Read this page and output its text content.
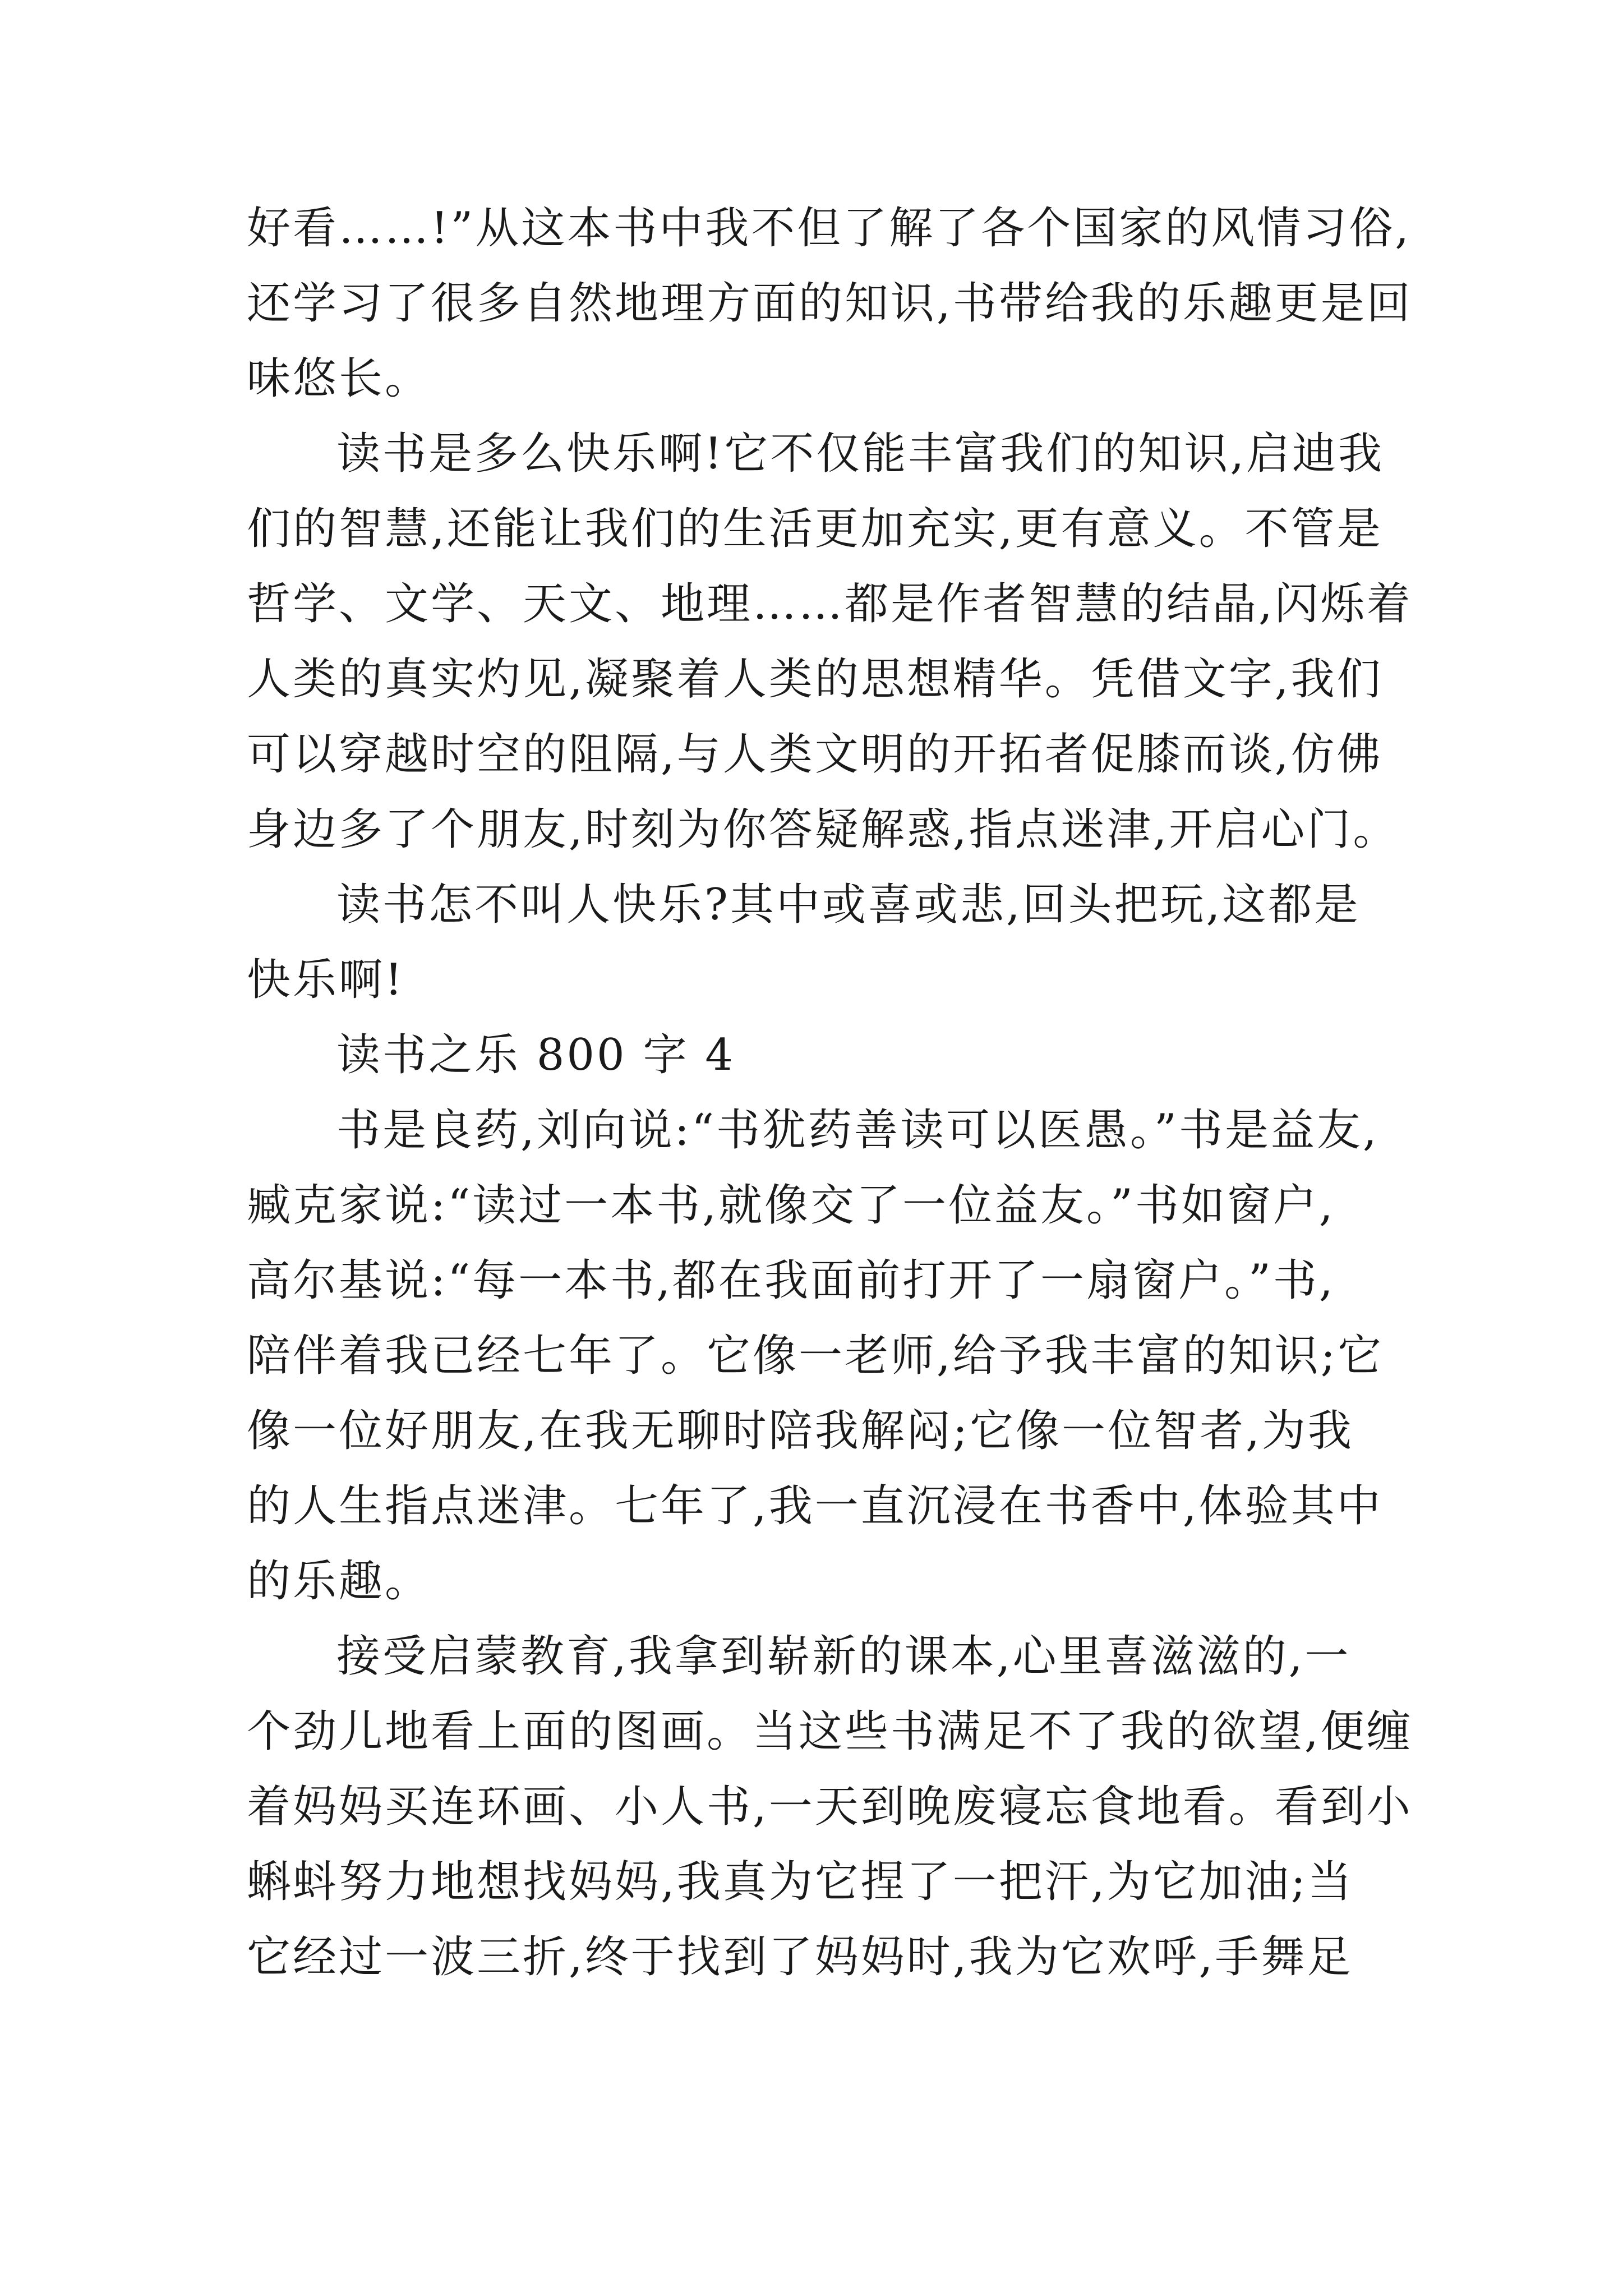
好看……!”从这本书中我不但了解了各个国家的风情习俗,
还学习了很多自然地理方面的知识,书带给我的乐趣更是回
味悠长。
读书是多么快乐啊!它不仅能丰富我们的知识,启迪我
们的智慧,还能让我们的生活更加充实,更有意义。不管是
哲学、文学、天文、地理……都是作者智慧的结晶,闪烁着
人类的真实灼见,凝聚着人类的思想精华。凭借文字,我们
可以穿越时空的阻隔,与人类文明的开拓者促膝而谈,仿佛
身边多了个朋友,时刻为你答疑解惑,指点迷津,开启心门。
读书怎不叫人快乐?其中或喜或悲,回头把玩,这都是
快乐啊!
读书之乐 800 字 4
书是良药,刘向说:“书犹药善读可以医愚。”书是益友,
臧克家说:“读过一本书,就像交了一位益友。”书如窗户,
高尔基说:“每一本书,都在我面前打开了一扇窗户。”书,
陪伴着我已经七年了。它像一老师,给予我丰富的知识;它
像一位好朋友,在我无聊时陪我解闷;它像一位智者,为我
的人生指点迷津。七年了,我一直沉浸在书香中,体验其中
的乐趣。
接受启蒙教育,我拿到崭新的课本,心里喜滋滋的,一
个劲儿地看上面的图画。当这些书满足不了我的欲望,便缠
着妈妈买连环画、小人书,一天到晚废寝忘食地看。看到小
蝌蚪努力地想找妈妈,我真为它捏了一把汗,为它加油;当
它经过一波三折,终于找到了妈妈时,我为它欢呼,手舞足
